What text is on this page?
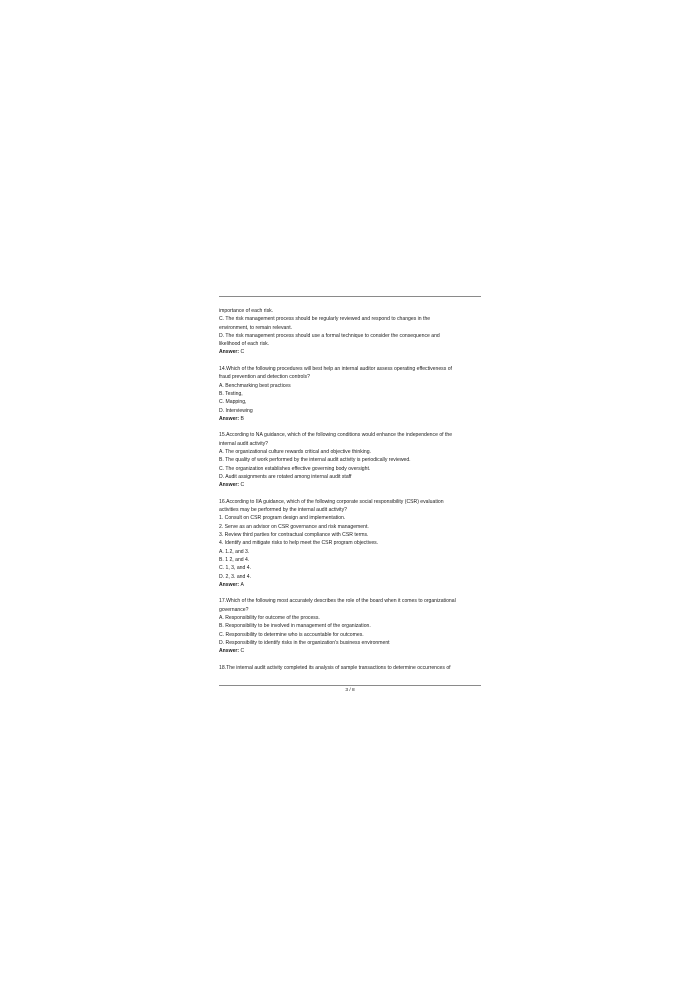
importance of each risk.
C. The risk management process should be regularly reviewed and respond to changes in the
environment, to remain relevant.
D. The risk management process should use a formal technique to consider the consequence and
likelihood of each risk.
Answer: C
14.Which of the following procedures will best help an internal auditor assess operating effectiveness of
fraud prevention and detection controls?
A. Benchmarking best practices
B. Testing,
C. Mapping,
D. Interviewing
Answer: B
15.According to NA guidance, which of the following conditions would enhance the independence of the
internal audit activity?
A. The organizational culture rewards critical and objective thinking.
B. The quality of work performed by the internal audit activity is periodically reviewed.
C. The organization establishes effective governing body oversight.
D. Audit assignments are rotated among internal audit staff
Answer: C
16.According to IIA guidance, which of the following corporate social responsibility (CSR) evaluation
activities may be performed by the internal audit activity?
1. Consult on CSR program design and implementation.
2. Serve as an advisor on CSR governance and risk management.
3. Review third parties for contractual compliance with CSR terms.
4. Identify and mitigate risks to help meet the CSR program objectives.
A. 1.2, and 3.
B. 1 2, and 4.
C. 1, 3, and 4.
D. 2, 3. and 4.
Answer: A
17.Which of the following most accurately describes the role of the board when it comes to organizational
governance?
A. Responsibility for outcome of the process.
B. Responsibility to be involved in management of the organization.
C. Responsibility to determine who is accountable for outcomes.
D. Responsibility to identify risks in the organization's business environment
Answer: C
18.The internal audit activity completed its analysis of sample transactions to determine occurrences of
3 / 8
